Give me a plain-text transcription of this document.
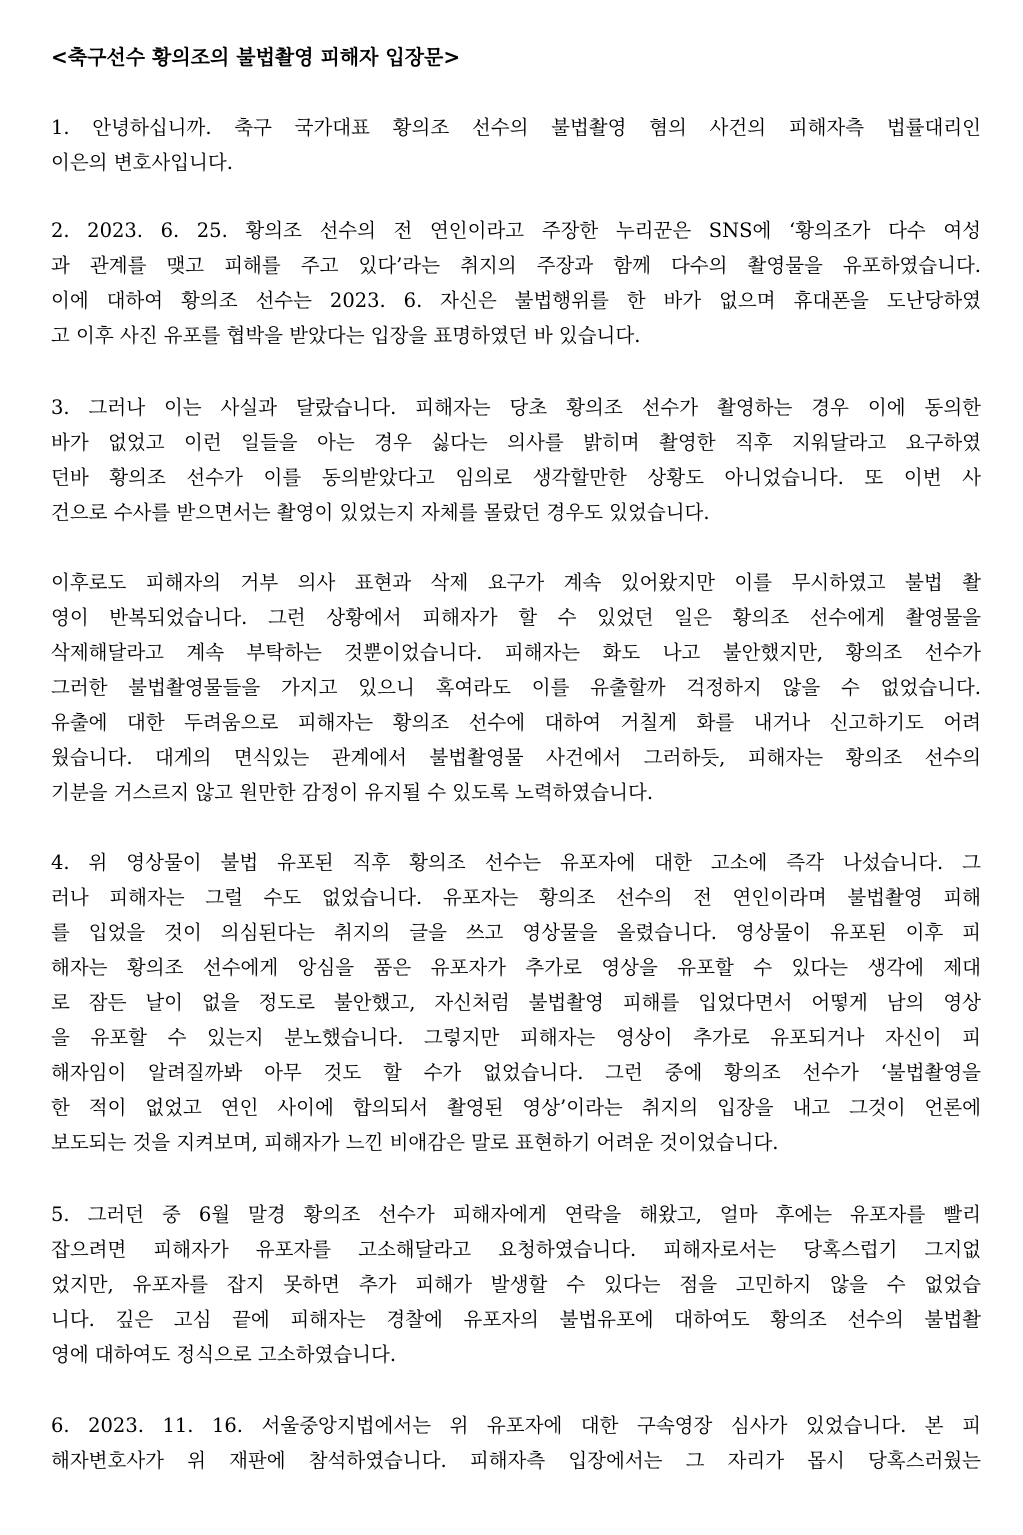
<축구선수 황의조의 불법촬영 피해자 입장문>
1. 안녕하십니까. 축구 국가대표 황의조 선수의 불법촬영 혐의 사건의 피해자측 법률대리인
이은의 변호사입니다.
2. 2023. 6. 25. 황의조 선수의 전 연인이라고 주장한 누리꾼은 SNS에 ‘황의조가 다수 여성
과 관계를 맺고 피해를 주고 있다’라는 취지의 주장과 함께 다수의 촬영물을 유포하였습니다.
이에 대하여 황의조 선수는 2023. 6. 자신은 불법행위를 한 바가 없으며 휴대폰을 도난당하였
고 이후 사진 유포를 협박을 받았다는 입장을 표명하였던 바 있습니다.
3. 그러나 이는 사실과 달랐습니다. 피해자는 당초 황의조 선수가 촬영하는 경우 이에 동의한
바가 없었고 이런 일들을 아는 경우 싫다는 의사를 밝히며 촬영한 직후 지워달라고 요구하였
던바 황의조 선수가 이를 동의받았다고 임의로 생각할만한 상황도 아니었습니다. 또 이번 사
건으로 수사를 받으면서는 촬영이 있었는지 자체를 몰랐던 경우도 있었습니다.
이후로도 피해자의 거부 의사 표현과 삭제 요구가 계속 있어왔지만 이를 무시하였고 불법 촬
영이 반복되었습니다. 그런 상황에서 피해자가 할 수 있었던 일은 황의조 선수에게 촬영물을
삭제해달라고 계속 부탁하는 것뿐이었습니다. 피해자는 화도 나고 불안했지만, 황의조 선수가
그러한 불법촬영물들을 가지고 있으니 혹여라도 이를 유출할까 걱정하지 않을 수 없었습니다.
유출에 대한 두려움으로 피해자는 황의조 선수에 대하여 거칠게 화를 내거나 신고하기도 어려
웠습니다. 대게의 면식있는 관계에서 불법촬영물 사건에서 그러하듯, 피해자는 황의조 선수의
기분을 거스르지 않고 원만한 감정이 유지될 수 있도록 노력하였습니다.
4. 위 영상물이 불법 유포된 직후 황의조 선수는 유포자에 대한 고소에 즉각 나섰습니다. 그
러나 피해자는 그럴 수도 없었습니다. 유포자는 황의조 선수의 전 연인이라며 불법촬영 피해
를 입었을 것이 의심된다는 취지의 글을 쓰고 영상물을 올렸습니다. 영상물이 유포된 이후 피
해자는 황의조 선수에게 앙심을 품은 유포자가 추가로 영상을 유포할 수 있다는 생각에 제대
로 잠든 날이 없을 정도로 불안했고, 자신처럼 불법촬영 피해를 입었다면서 어떻게 남의 영상
을 유포할 수 있는지 분노했습니다. 그렇지만 피해자는 영상이 추가로 유포되거나 자신이 피
해자임이 알려질까봐 아무 것도 할 수가 없었습니다. 그런 중에 황의조 선수가 ‘불법촬영을
한 적이 없었고 연인 사이에 합의되서 촬영된 영상’이라는 취지의 입장을 내고 그것이 언론에
보도되는 것을 지켜보며, 피해자가 느낀 비애감은 말로 표현하기 어려운 것이었습니다.
5. 그러던 중 6월 말경 황의조 선수가 피해자에게 연락을 해왔고, 얼마 후에는 유포자를 빨리
잡으려면 피해자가 유포자를 고소해달라고 요청하였습니다. 피해자로서는 당혹스럽기 그지없
었지만, 유포자를 잡지 못하면 추가 피해가 발생할 수 있다는 점을 고민하지 않을 수 없었습
니다. 깊은 고심 끝에 피해자는 경찰에 유포자의 불법유포에 대하여도 황의조 선수의 불법촬
영에 대하여도 정식으로 고소하였습니다.
6. 2023. 11. 16. 서울중앙지법에서는 위 유포자에 대한 구속영장 심사가 있었습니다. 본 피
해자변호사가 위 재판에 참석하였습니다. 피해자측 입장에서는 그 자리가 몹시 당혹스러웠는
